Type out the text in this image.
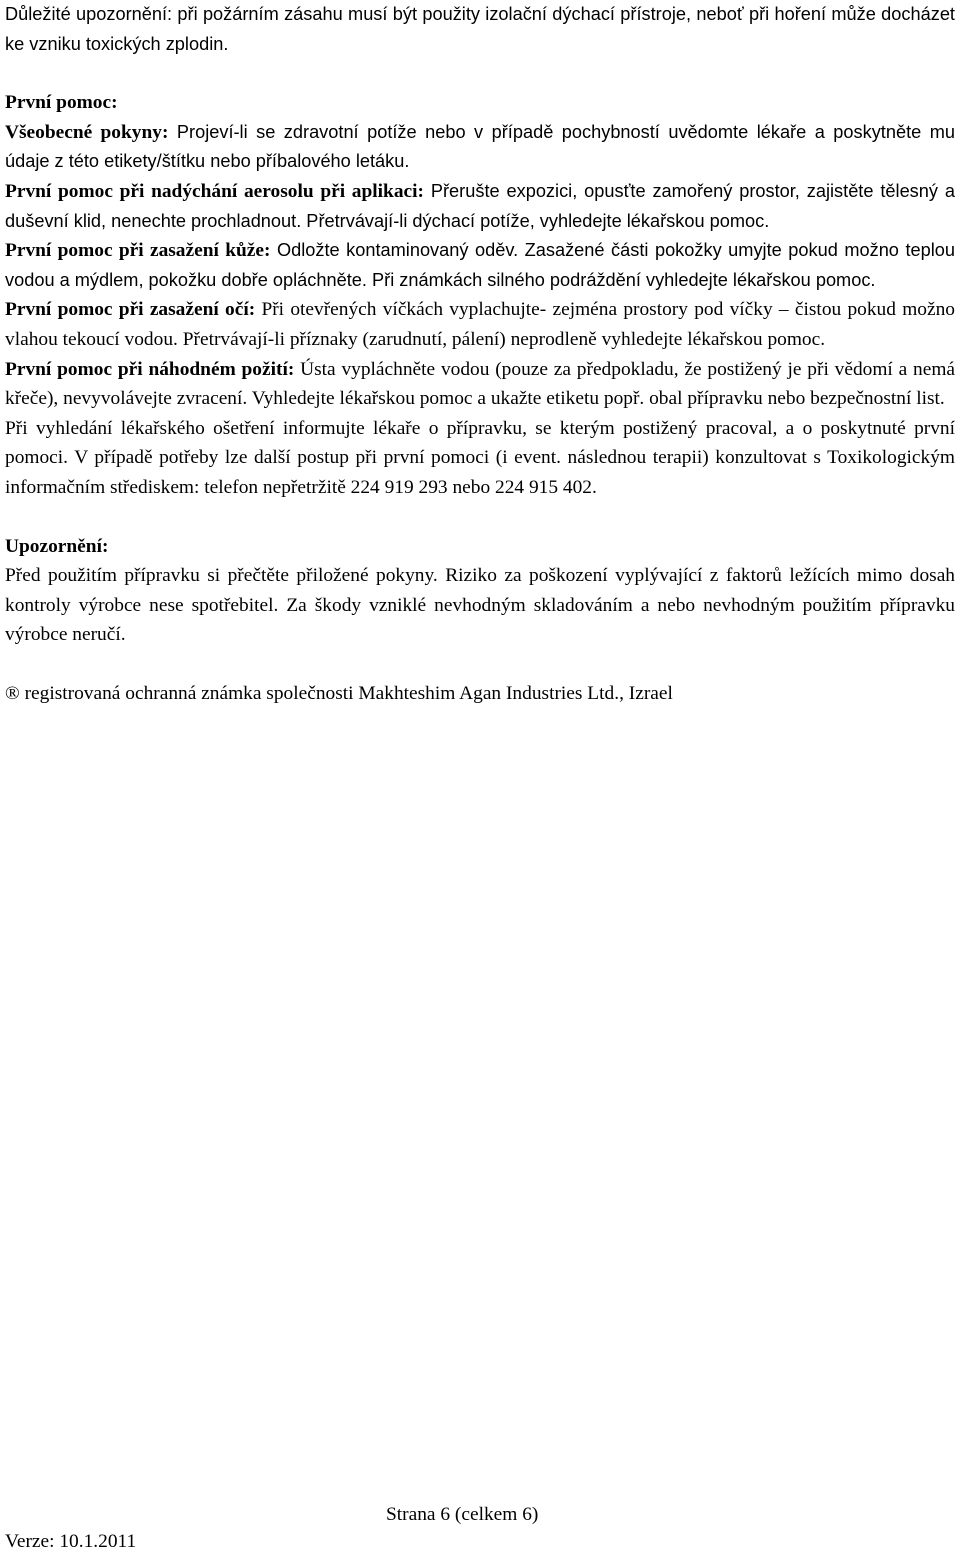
Důležité upozornění: při požárním zásahu musí být použity izolační dýchací přístroje, neboť při hoření může docházet ke vzniku toxických zplodin.

První pomoc:

Všeobecné pokyny: Projeví-li se zdravotní potíže nebo v případě pochybností uvědomte lékaře a poskytněte mu údaje z této etikety/štítku nebo příbalového letáku.

První pomoc při nadýchání aerosolu při aplikaci: Přerušte expozici, opusťte zamořený prostor, zajistěte tělesný a duševní klid, nenechte prochladnout. Přetrvávají-li dýchací potíže, vyhledejte lékařskou pomoc.

První pomoc při zasažení kůže: Odložte kontaminovaný oděv. Zasažené části pokožky umyjte pokud možno teplou vodou a mýdlem, pokožku dobře opláchněte. Při známkách silného podráždění vyhledejte lékařskou pomoc.

První pomoc při zasažení očí: Při otevřených víčkách vyplachujte- zejména prostory pod víčky – čistou pokud možno vlahou tekoucí vodou. Přetrvávají-li příznaky (zarudnutí, pálení) neprodleně vyhledejte lékařskou pomoc.

První pomoc při náhodném požití: Ústa vypláchněte vodou (pouze za předpokladu, že postižený je při vědomí a nemá křeče), nevyvolávejte zvracení. Vyhledejte lékařskou pomoc a ukažte etiketu popř. obal přípravku nebo bezpečnostní list.

Při vyhledání lékařského ošetření informujte lékaře o přípravku, se kterým postižený pracoval, a o poskytnuté první pomoci. V případě potřeby lze další postup při první pomoci (i event. následnou terapii) konzultovat s Toxikologickým informačním střediskem: telefon nepřetržitě 224 919 293 nebo 224 915 402.

Upozornění:

Před použitím přípravku si přečtěte přiložené pokyny. Riziko za poškození vyplývající z faktorů ležících mimo dosah kontroly výrobce nese spotřebitel. Za škody vzniklé nevhodným skladováním a nebo nevhodným použitím přípravku výrobce neručí.

® registrovaná ochranná známka společnosti Makhteshim Agan Industries Ltd., Izrael

Strana 6 (celkem 6)
Verze: 10.1.2011
